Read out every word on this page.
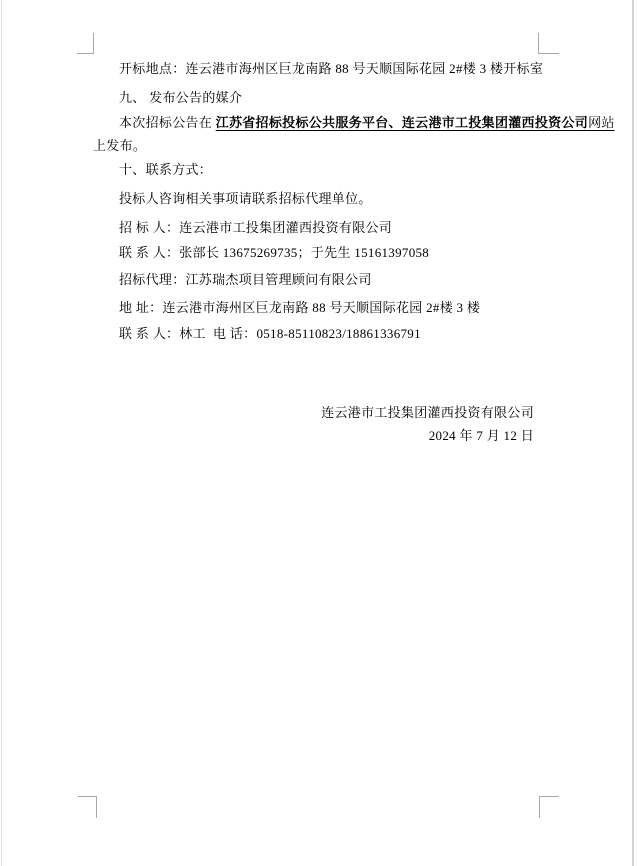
开标地点：连云港市海州区巨龙南路 88 号天顺国际花园 2#楼 3 楼开标室
九、 发布公告的媒介
本次招标公告在 江苏省招标投标公共服务平台、连云港市工投集团灌西投资公司网站
上发布。
十、联系方式：
投标人咨询相关事项请联系招标代理单位。
招 标 人：连云港市工投集团灌西投资有限公司
联 系 人：张部长 13675269735；于先生 15161397058
招标代理：江苏瑞杰项目管理顾问有限公司
地 址：连云港市海州区巨龙南路 88 号天顺国际花园 2#楼 3 楼
联 系 人：林工  电 话：0518-85110823/18861336791
连云港市工投集团灌西投资有限公司
2024 年 7 月 12 日
